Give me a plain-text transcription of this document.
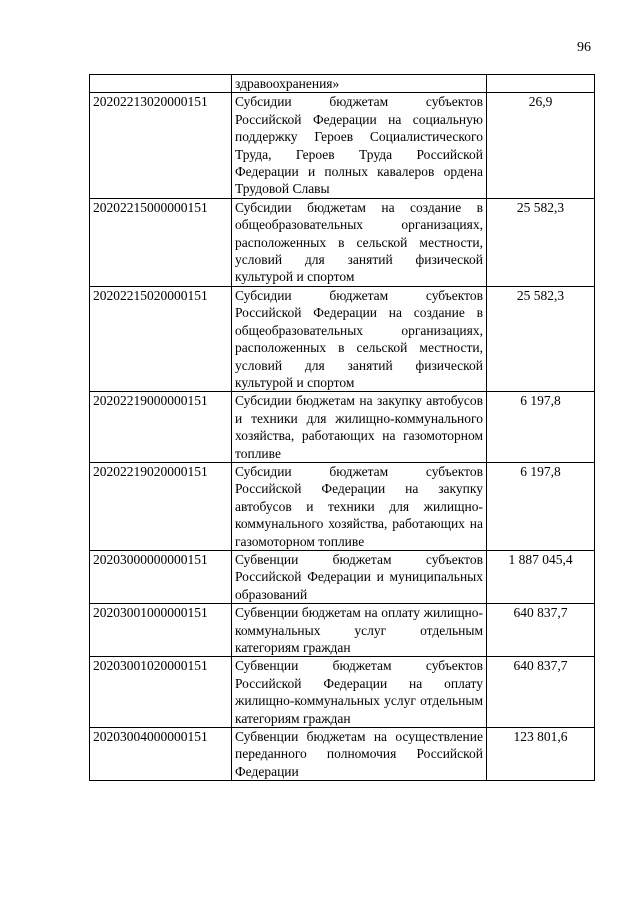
96
	здравоохранения»	
20202213020000151	Субсидии бюджетам субъектов Российской Федерации на социальную поддержку Героев Социалистического Труда, Героев Труда Российской Федерации и полных кавалеров ордена Трудовой Славы	26,9
20202215000000151	Субсидии бюджетам на создание в общеобразовательных организациях, расположенных в сельской местности, условий для занятий физической культурой и спортом	25 582,3
20202215020000151	Субсидии бюджетам субъектов Российской Федерации на создание в общеобразовательных организациях, расположенных в сельской местности, условий для занятий физической культурой и спортом	25 582,3
20202219000000151	Субсидии бюджетам на закупку автобусов и техники для жилищно-коммунального хозяйства, работающих на газомоторном топливе	6 197,8
20202219020000151	Субсидии бюджетам субъектов Российской Федерации на закупку автобусов и техники для жилищно-коммунального хозяйства, работающих на газомоторном топливе	6 197,8
20203000000000151	Субвенции бюджетам субъектов Российской Федерации и муниципальных образований	1 887 045,4
20203001000000151	Субвенции бюджетам на оплату жилищно-коммунальных услуг отдельным категориям граждан	640 837,7
20203001020000151	Субвенции бюджетам субъектов Российской Федерации на оплату жилищно-коммунальных услуг отдельным категориям граждан	640 837,7
20203004000000151	Субвенции бюджетам на осуществление переданного полномочия Российской Федерации	123 801,6
